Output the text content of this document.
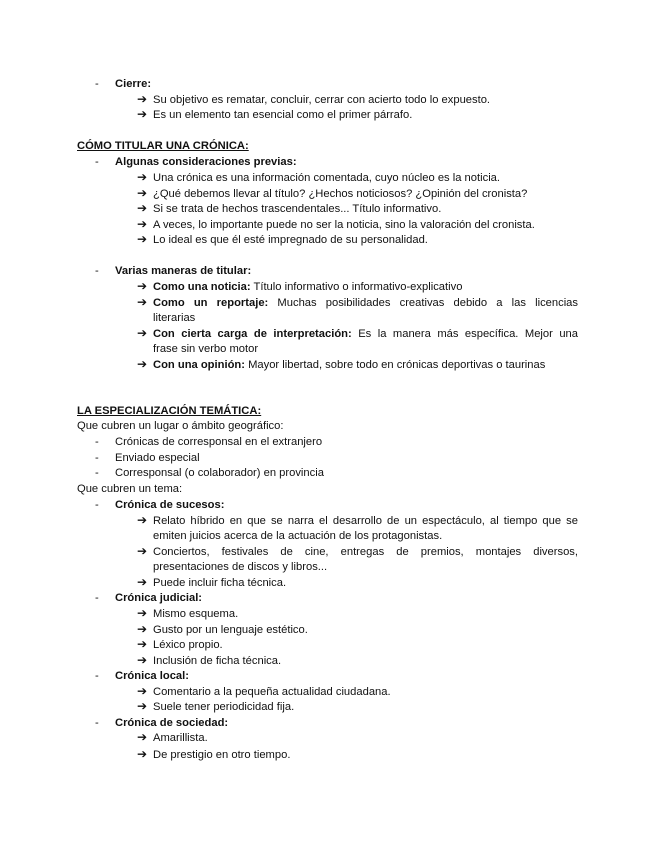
- Cierre:
➔ Su objetivo es rematar, concluir, cerrar con acierto todo lo expuesto.
➔ Es un elemento tan esencial como el primer párrafo.
CÓMO TITULAR UNA CRÓNICA:
- Algunas consideraciones previas:
➔ Una crónica es una información comentada, cuyo núcleo es la noticia.
➔ ¿Qué debemos llevar al título? ¿Hechos noticiosos? ¿Opinión del cronista?
➔ Si se trata de hechos trascendentales... Título informativo.
➔ A veces, lo importante puede no ser la noticia, sino la valoración del cronista.
➔ Lo ideal es que él esté impregnado de su personalidad.
- Varias maneras de titular:
➔ Como una noticia: Título informativo o informativo-explicativo
➔ Como un reportaje: Muchas posibilidades creativas debido a las licencias
literarias
➔ Con cierta carga de interpretación: Es la manera más específica. Mejor una
frase sin verbo motor
➔ Con una opinión: Mayor libertad, sobre todo en crónicas deportivas o taurinas
LA ESPECIALIZACIÓN TEMÁTICA:
Que cubren un lugar o ámbito geográfico:
- Crónicas de corresponsal en el extranjero
- Enviado especial
- Corresponsal (o colaborador) en provincia
Que cubren un tema:
- Crónica de sucesos:
➔ Relato híbrido en que se narra el desarrollo de un espectáculo, al tiempo que se
emiten juicios acerca de la actuación de los protagonistas.
➔ Conciertos, festivales de cine, entregas de premios, montajes diversos,
presentaciones de discos y libros...
➔ Puede incluir ficha técnica.
- Crónica judicial:
➔ Mismo esquema.
➔ Gusto por un lenguaje estético.
➔ Léxico propio.
➔ Inclusión de ficha técnica.
- Crónica local:
➔ Comentario a la pequeña actualidad ciudadana.
➔ Suele tener periodicidad fija.
- Crónica de sociedad:
➔ Amarillista.
➔ De prestigio en otro tiempo.
